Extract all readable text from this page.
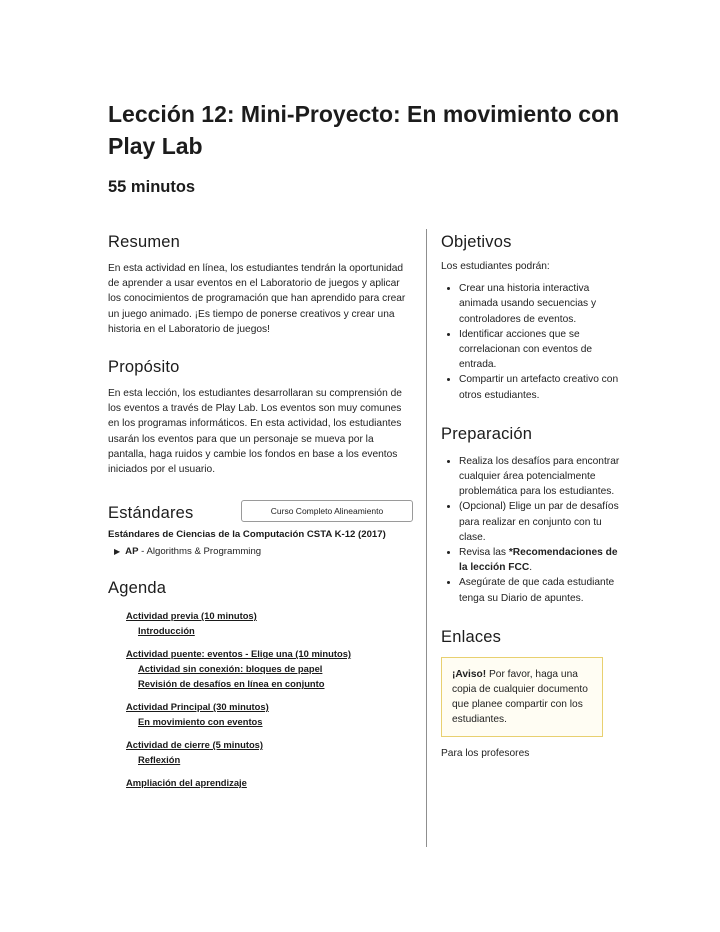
Lección 12: Mini-Proyecto: En movimiento con Play Lab
55 minutos
Resumen

En esta actividad en línea, los estudiantes tendrán la oportunidad de aprender a usar eventos en el Laboratorio de juegos y aplicar los conocimientos de programación que han aprendido para crear un juego animado. ¡Es tiempo de ponerse creativos y crear una historia en el Laboratorio de juegos!

Propósito

En esta lección, los estudiantes desarrollaran su comprensión de los eventos a través de Play Lab. Los eventos son muy comunes en los programas informáticos. En esta actividad, los estudiantes usarán los eventos para que un personaje se mueva por la pantalla, haga ruidos y cambie los fondos en base a los eventos iniciados por el usuario.

Estándares	Curso Completo Alineamiento
Estándares de Ciencias de la Computación CSTA K-12 (2017)
▶ AP - Algorithms & Programming
Agenda
Actividad previa (10 minutos)
Introducción
Actividad puente: eventos - Elige una (10 minutos)
Actividad sin conexión: bloques de papel
Revisión de desafíos en línea en conjunto
Actividad Principal (30 minutos)
En movimiento con eventos
Actividad de cierre (5 minutos)
Reflexión
Ampliación del aprendizaje
Objetivos

Los estudiantes podrán:

• Crear una historia interactiva animada usando secuencias y controladores de eventos.
• Identificar acciones que se correlacionan con eventos de entrada.
• Compartir un artefacto creativo con otros estudiantes.
Preparación
• Realiza los desafíos para encontrar cualquier área potencialmente problemática para los estudiantes.
• (Opcional) Elige un par de desafíos para realizar en conjunto con tu clase.
• Revisa las *Recomendaciones de la lección FCC.
• Asegúrate de que cada estudiante tenga su Diario de apuntes.
Enlaces
¡Aviso! Por favor, haga una copia de cualquier documento que planee compartir con los estudiantes.

Para los profesores
